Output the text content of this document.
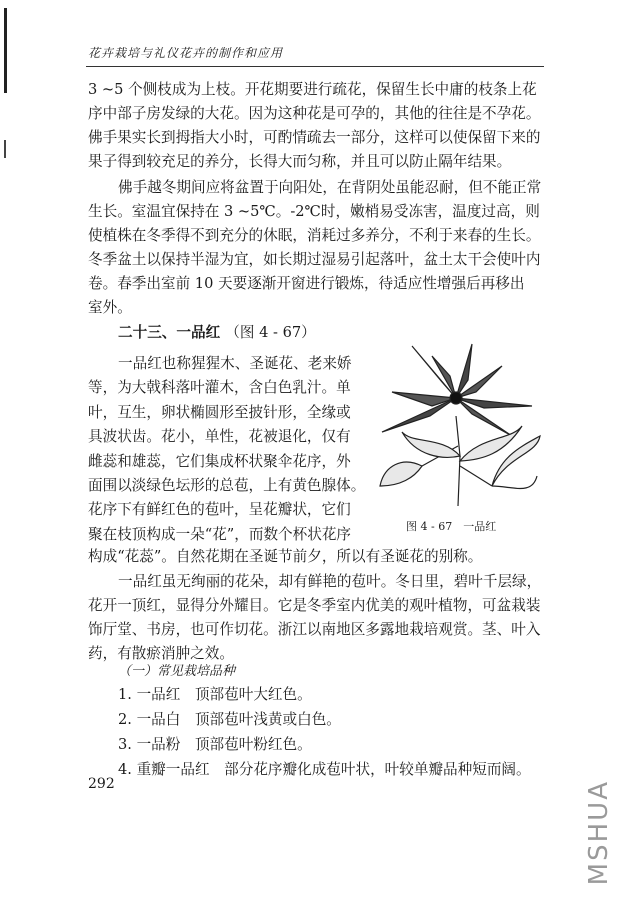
花卉栽培与礼仪花卉的制作和应用
3 ~5 个侧枝成为上枝。开花期要进行疏花，保留生长中庸的枝条上花
序中部子房发绿的大花。因为这种花是可孕的，其他的往往是不孕花。
佛手果实长到拇指大小时，可酌情疏去一部分，这样可以使保留下来的
果子得到较充足的养分，长得大而匀称，并且可以防止隔年结果。
佛手越冬期间应将盆置于向阳处，在背阴处虽能忍耐，但不能正常
生长。室温宜保持在 3 ~5℃。-2℃时，嫩梢易受冻害，温度过高，则
使植株在冬季得不到充分的休眠，消耗过多养分，不利于来春的生长。
冬季盆土以保持半湿为宜，如长期过湿易引起落叶，盆土太干会使叶内
卷。春季出室前 10 天要逐渐开窗进行锻炼，待适应性增强后再移出
室外。
二十三、一品红 （图 4 - 67）
一品红也称猩猩木、圣诞花、老来娇
等，为大戟科落叶灌木，含白色乳汁。单
叶，互生，卵状椭圆形至披针形，全缘或
具波状齿。花小，单性，花被退化，仅有
雌蕊和雄蕊，它们集成杯状聚伞花序，外
面围以淡绿色坛形的总苞，上有黄色腺体。
花序下有鲜红色的苞叶，呈花瓣状，它们
聚在枝顶构成一朵“花”，而数个杯状花序	图 4 - 67　一品红
构成“花蕊”。自然花期在圣诞节前夕，所以有圣诞花的别称。
一品红虽无绚丽的花朵，却有鲜艳的苞叶。冬日里，碧叶千层绿，
花开一顶红，显得分外耀目。它是冬季室内优美的观叶植物，可盆栽装
饰厅堂、书房，也可作切花。浙江以南地区多露地栽培观赏。茎、叶入
药，有散瘀消肿之效。
（一）常见栽培品种
1. 一品红　顶部苞叶大红色。
2. 一品白　顶部苞叶浅黄或白色。
3. 一品粉　顶部苞叶粉红色。
4. 重瓣一品红　部分花序瓣化成苞叶状，叶较单瓣品种短而阔。
292	MSHUA
